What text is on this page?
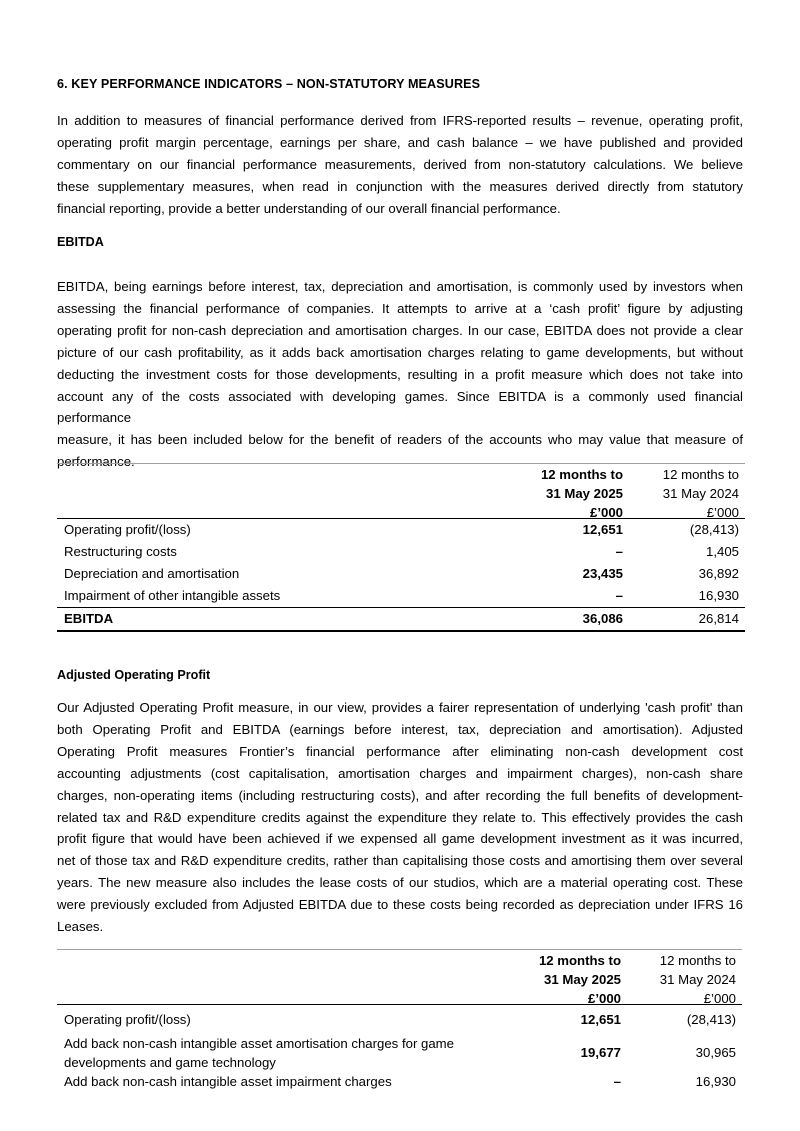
6. KEY PERFORMANCE INDICATORS – NON-STATUTORY MEASURES
In addition to measures of financial performance derived from IFRS-reported results – revenue, operating profit,
operating profit margin percentage, earnings per share, and cash balance – we have published and provided
commentary on our financial performance measurements, derived from non-statutory calculations. We believe
these supplementary measures, when read in conjunction with the measures derived directly from statutory
financial reporting, provide a better understanding of our overall financial performance.
EBITDA
EBITDA, being earnings before interest, tax, depreciation and amortisation, is commonly used by investors when
assessing the financial performance of companies. It attempts to arrive at a ‘cash profit’ figure by adjusting
operating profit for non-cash depreciation and amortisation charges. In our case, EBITDA does not provide a clear
picture of our cash profitability, as it adds back amortisation charges relating to game developments, but without
deducting the investment costs for those developments, resulting in a profit measure which does not take into
account any of the costs associated with developing games. Since EBITDA is a commonly used financial performance
measure, it has been included below for the benefit of readers of the accounts who may value that measure of
performance.
12 months to
31 May 2025
£’000
12 months to
31 May 2024
£’000
Operating profit/(loss)	12,651	(28,413)
Restructuring costs	–	1,405
Depreciation and amortisation	23,435	36,892
Impairment of other intangible assets	–	16,930
EBITDA	36,086	26,814
Adjusted Operating Profit
Our Adjusted Operating Profit measure, in our view, provides a fairer representation of underlying 'cash profit' than
both Operating Profit and EBITDA (earnings before interest, tax, depreciation and amortisation). Adjusted
Operating Profit measures Frontier’s financial performance after eliminating non-cash development cost
accounting adjustments (cost capitalisation, amortisation charges and impairment charges), non-cash share
charges, non-operating items (including restructuring costs), and after recording the full benefits of development-
related tax and R&D expenditure credits against the expenditure they relate to. This effectively provides the cash
profit figure that would have been achieved if we expensed all game development investment as it was incurred,
net of those tax and R&D expenditure credits, rather than capitalising those costs and amortising them over several
years. The new measure also includes the lease costs of our studios, which are a material operating cost. These
were previously excluded from Adjusted EBITDA due to these costs being recorded as depreciation under IFRS 16
Leases.
12 months to
31 May 2025
£’000
12 months to
31 May 2024
£’000
Operating profit/(loss)	12,651	(28,413)
Add back non-cash intangible asset amortisation charges for game developments and game technology
19,677	30,965
Add back non-cash intangible asset impairment charges	–	16,930
